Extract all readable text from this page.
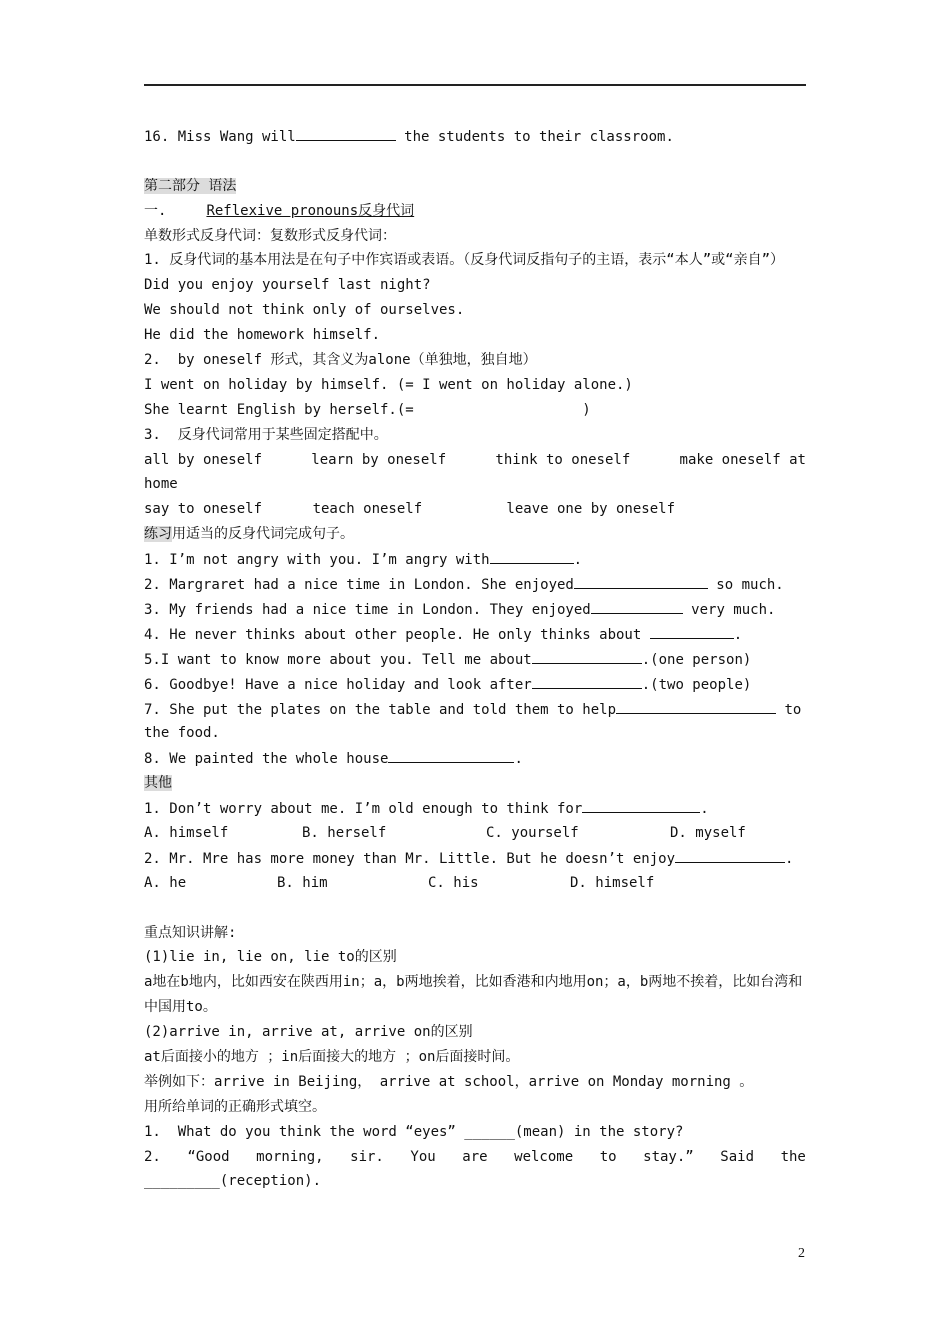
16. Miss Wang will	the students to their classroom.
第二部分 语法
一.	Reflexive pronouns反身代词
单数形式反身代词：复数形式反身代词：
1. 反身代词的基本用法是在句子中作宾语或表语。（反身代词反指句子的主语，表示“本人”或“亲自”）
Did you enjoy yourself last night?
We should not think only of ourselves.
He did the homework himself.
2.  by oneself 形式，其含义为alone（单独地，独自地）
I went on holiday by himself. (= I went on holiday alone.)
She learnt English by herself.(=                    )
3.  反身代词常用于某些固定搭配中。
all by oneself	learn by oneself	think to oneself	make oneself at
home
say to oneself      teach oneself          leave one by oneself
练习用适当的反身代词完成句子。
1. I’m not angry with you. I’m angry with	.
2. Margraret had a nice time in London. She enjoyed	so much.
3. My friends had a nice time in London. They enjoyed	very much.
4. He never thinks about other people. He only thinks about	.
5.I want to know more about you. Tell me about	.(one person)
6. Goodbye! Have a nice holiday and look after	.(two people)
7. She put the plates on the table and told them to help	to
the food.
8. We painted the whole house	.
其他
1. Don’t worry about me. I’m old enough to think for	.
A. himself	B. herself	C. yourself	D. myself
2. Mr. Mre has more money than Mr. Little. But he doesn’t enjoy	.
A. he	B. him	C. his	D. himself
重点知识讲解:
(1)lie in, lie on, lie to的区别
a地在b地内，比如西安在陕西用in；a，b两地挨着，比如香港和内地用on；a，b两地不挨着，比如台湾和中国用to。
(2)arrive in, arrive at, arrive on的区别
at后面接小的地方 ；in后面接大的地方 ；on后面接时间。
举例如下：arrive in Beijing， arrive at school，arrive on Monday morning 。
用所给单词的正确形式填空。
1.  What do you think the word “eyes” ______(mean) in the story?
2. “Good morning, sir. You are welcome to stay.” Said the
_________(reception).
2
